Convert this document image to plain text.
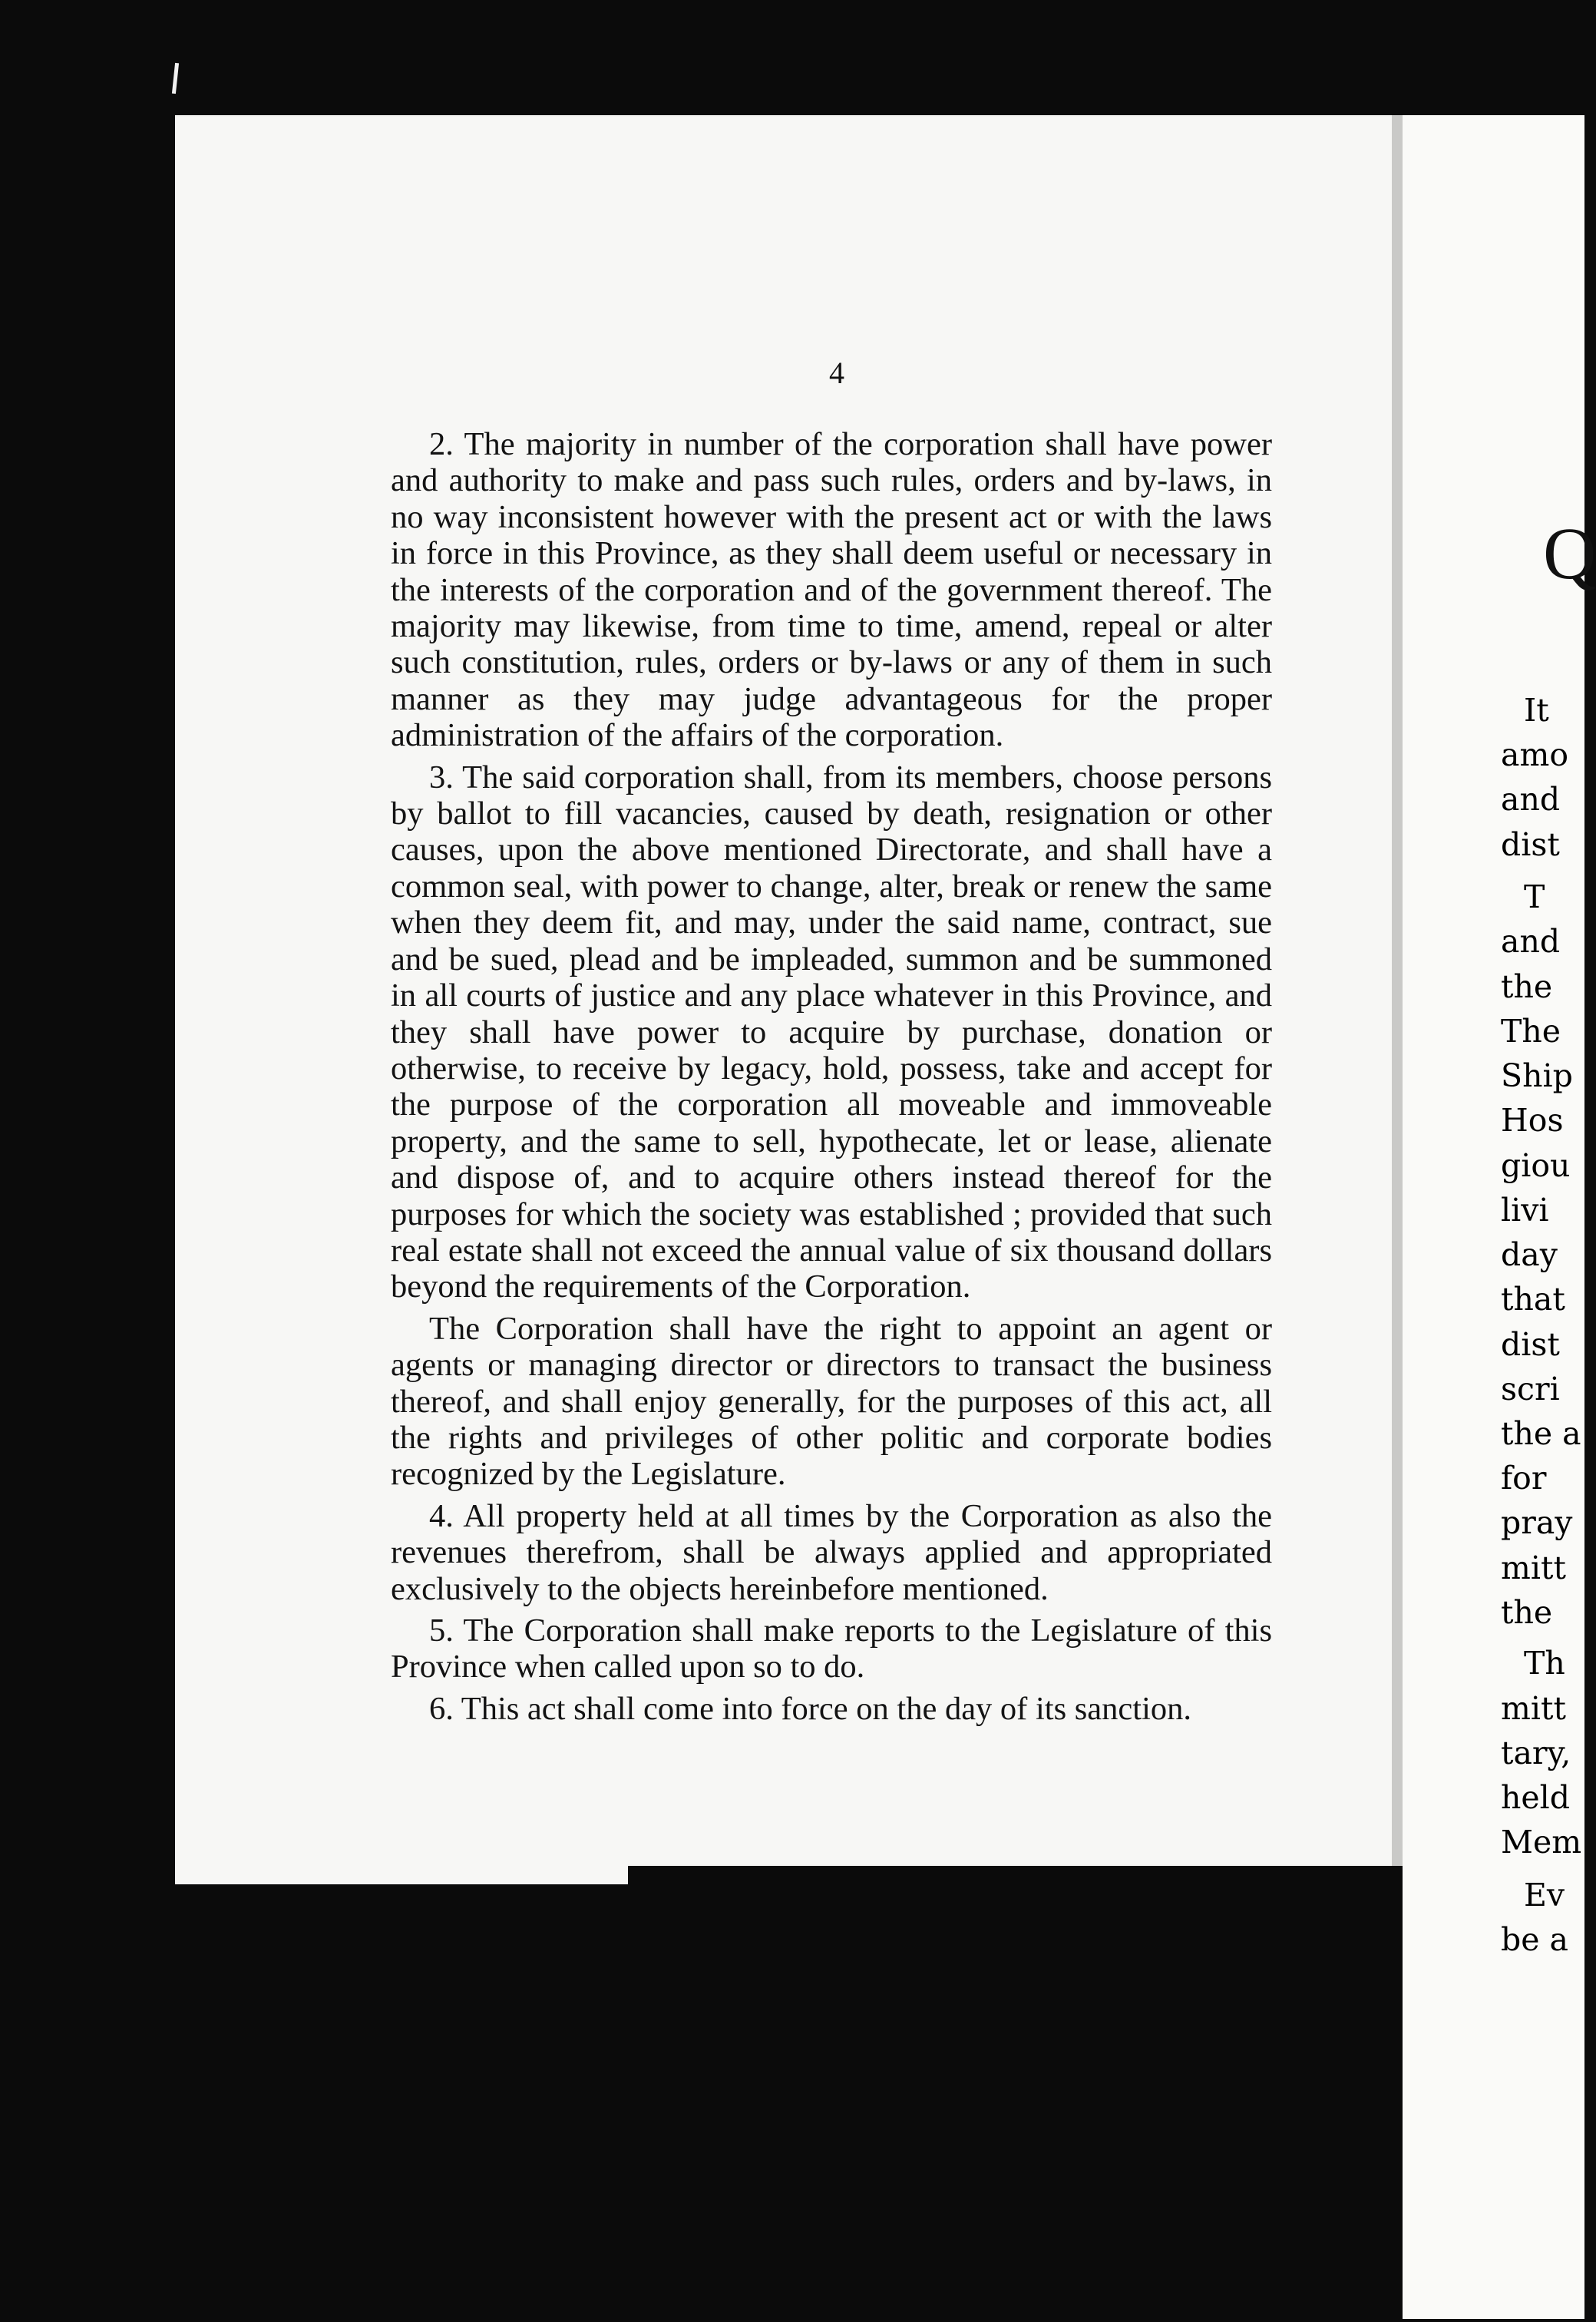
4

2. The majority in number of the corporation shall have power and authority to make and pass such rules, orders and by-laws, in no way inconsistent however with the present act or with the laws in force in this Province, as they shall deem useful or necessary in the interests of the corporation and of the government thereof. The majority may likewise, from time to time, amend, repeal or alter such constitution, rules, orders or by-laws or any of them in such manner as they may judge advantageous for the proper administration of the affairs of the corporation.

3. The said corporation shall, from its members, choose persons by ballot to fill vacancies, caused by death, resignation or other causes, upon the above mentioned Directorate, and shall have a common seal, with power to change, alter, break or renew the same when they deem fit, and may, under the said name, contract, sue and be sued, plead and be impleaded, summon and be summoned in all courts of justice and any place whatever in this Province, and they shall have power to acquire by purchase, donation or otherwise, to receive by legacy, hold, possess, take and accept for the purpose of the corporation all moveable and immoveable property, and the same to sell, hypothecate, let or lease, alienate and dispose of, and to acquire others instead thereof for the purposes for which the society was established ; provided that such real estate shall not exceed the annual value of six thousand dollars beyond the requirements of the Corporation.

The Corporation shall have the right to appoint an agent or agents or managing director or directors to transact the business thereof, and shall enjoy generally, for the purposes of this act, all the rights and privileges of other politic and corporate bodies recognized by the Legislature.

4. All property held at all times by the Corporation as also the revenues therefrom, shall be always applied and appropriated exclusively to the objects hereinbefore mentioned.

5. The Corporation shall make reports to the Legislature of this Province when called upon so to do.

6. This act shall come into force on the day of its sanction.

Q
It
amo
and
dist
T
and
the
The
Ship
Hos
giou
livi
day
that
dist
scri
the a
for
pray
mitt
the
Th
mitt
tary,
held
Mem
Ev
be a
